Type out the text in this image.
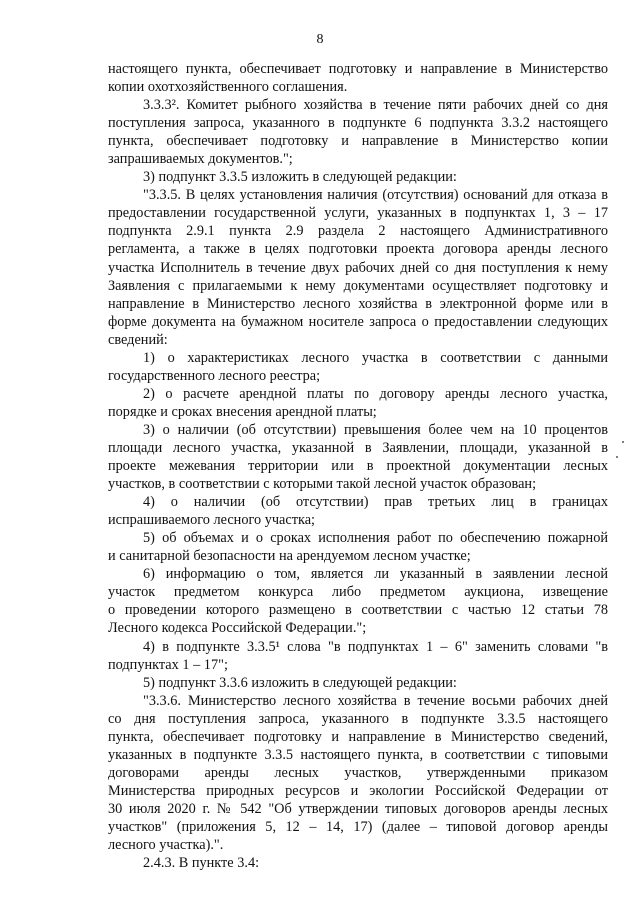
8
настоящего пункта, обеспечивает подготовку и направление в Министерство
копии охотхозяйственного соглашения.
3.3.3². Комитет рыбного хозяйства в течение пяти рабочих дней со дня
поступления запроса, указанного в подпункте 6 подпункта 3.3.2 настоящего
пункта, обеспечивает подготовку и направление в Министерство копии
запрашиваемых документов.";
3) подпункт 3.3.5 изложить в следующей редакции:
"3.3.5. В целях установления наличия (отсутствия) оснований для отказа в
предоставлении государственной услуги, указанных в подпунктах 1, 3 – 17
подпункта 2.9.1 пункта 2.9 раздела 2 настоящего Административного
регламента, а также в целях подготовки проекта договора аренды лесного
участка Исполнитель в течение двух рабочих дней со дня поступления к нему
Заявления с прилагаемыми к нему документами осуществляет подготовку и
направление в Министерство лесного хозяйства в электронной форме или в
форме документа на бумажном носителе запроса о предоставлении следующих
сведений:
1) о характеристиках лесного участка в соответствии с данными
государственного лесного реестра;
2) о расчете арендной платы по договору аренды лесного участка,
порядке и сроках внесения арендной платы;
3) о наличии (об отсутствии) превышения более чем на 10 процентов
площади лесного участка, указанной в Заявлении, площади, указанной в
проекте межевания территории или в проектной документации лесных
участков, в соответствии с которыми такой лесной участок образован;
4) о наличии (об отсутствии) прав третьих лиц в границах
испрашиваемого лесного участка;
5) об объемах и о сроках исполнения работ по обеспечению пожарной
и санитарной безопасности на арендуемом лесном участке;
6) информацию о том, является ли указанный в заявлении лесной
участок предметом конкурса либо предметом аукциона, извещение
о проведении которого размещено в соответствии с частью 12 статьи 78
Лесного кодекса Российской Федерации.";
4) в подпункте 3.3.5¹ слова "в подпунктах 1 – 6" заменить словами "в
подпунктах 1 – 17";
5) подпункт 3.3.6 изложить в следующей редакции:
"3.3.6. Министерство лесного хозяйства в течение восьми рабочих дней
со дня поступления запроса, указанного в подпункте 3.3.5 настоящего
пункта, обеспечивает подготовку и направление в Министерство сведений,
указанных в подпункте 3.3.5 настоящего пункта, в соответствии с типовыми
договорами аренды лесных участков, утвержденными приказом
Министерства природных ресурсов и экологии Российской Федерации от
30 июля 2020 г. № 542 "Об утверждении типовых договоров аренды лесных
участков" (приложения 5, 12 – 14, 17) (далее – типовой договор аренды
лесного участка).".
2.4.3. В пункте 3.4:
